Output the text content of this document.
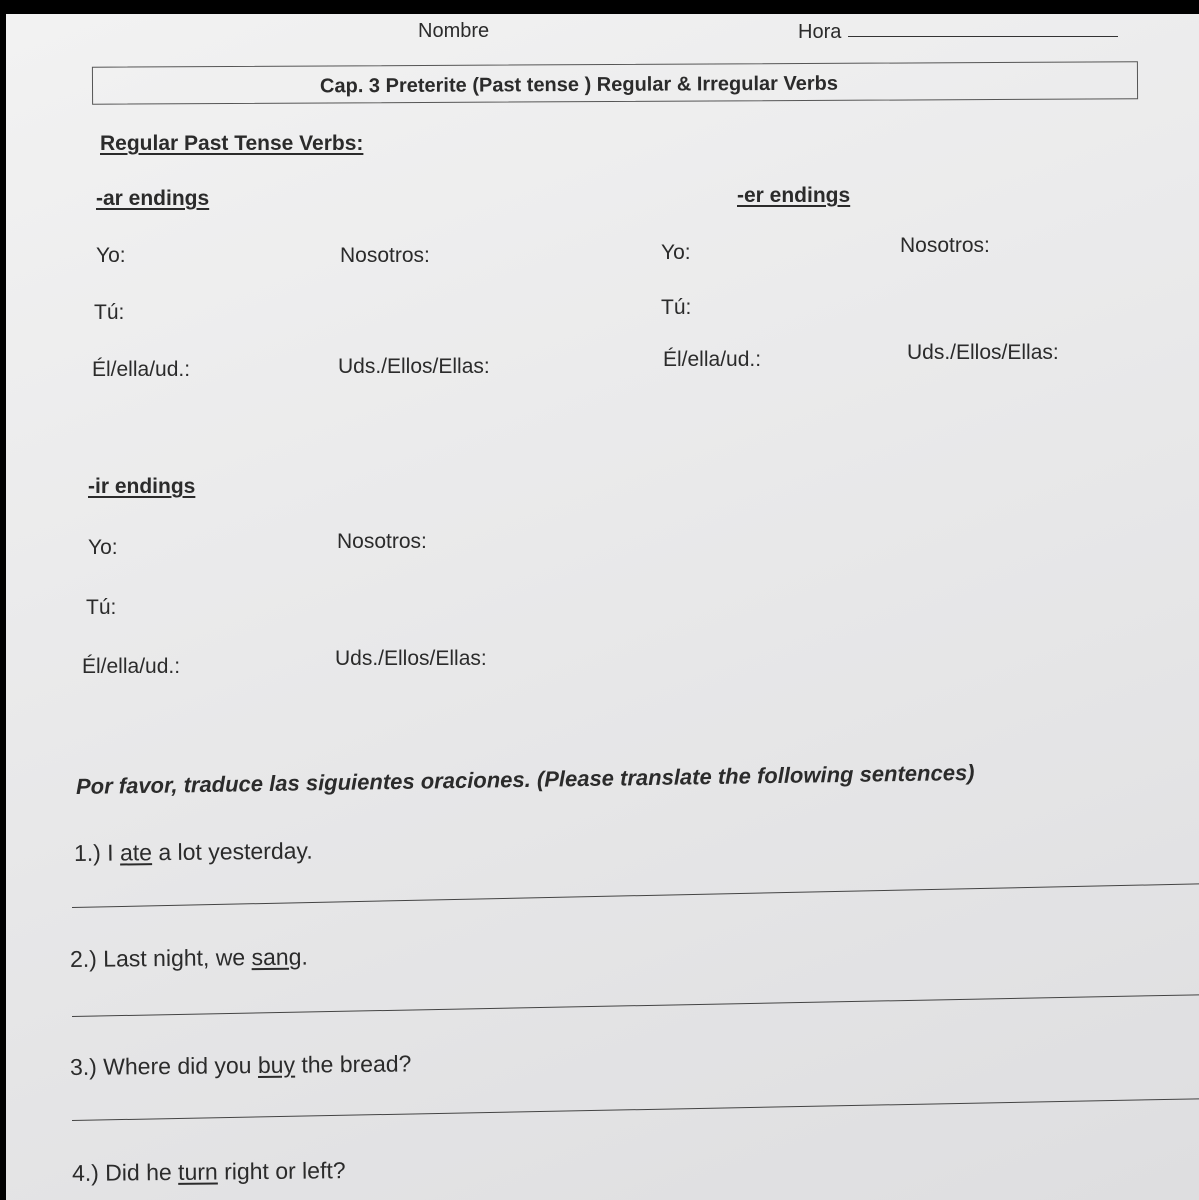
Nombre	Hora
Cap. 3 Preterite (Past tense ) Regular & Irregular Verbs
Regular Past Tense Verbs:
-ar endings
Yo:	Nosotros:
Tú:
Él/ella/ud.:	Uds./Ellos/Ellas:
-er endings
Yo:	Nosotros:
Tú:
Él/ella/ud.:	Uds./Ellos/Ellas:
-ir endings
Yo:	Nosotros:
Tú:
Él/ella/ud.:	Uds./Ellos/Ellas:
Por favor, traduce las siguientes oraciones. (Please translate the following sentences)
1.) I ate a lot yesterday.
2.) Last night, we sang.
3.) Where did you buy the bread?
4.) Did he turn right or left?
